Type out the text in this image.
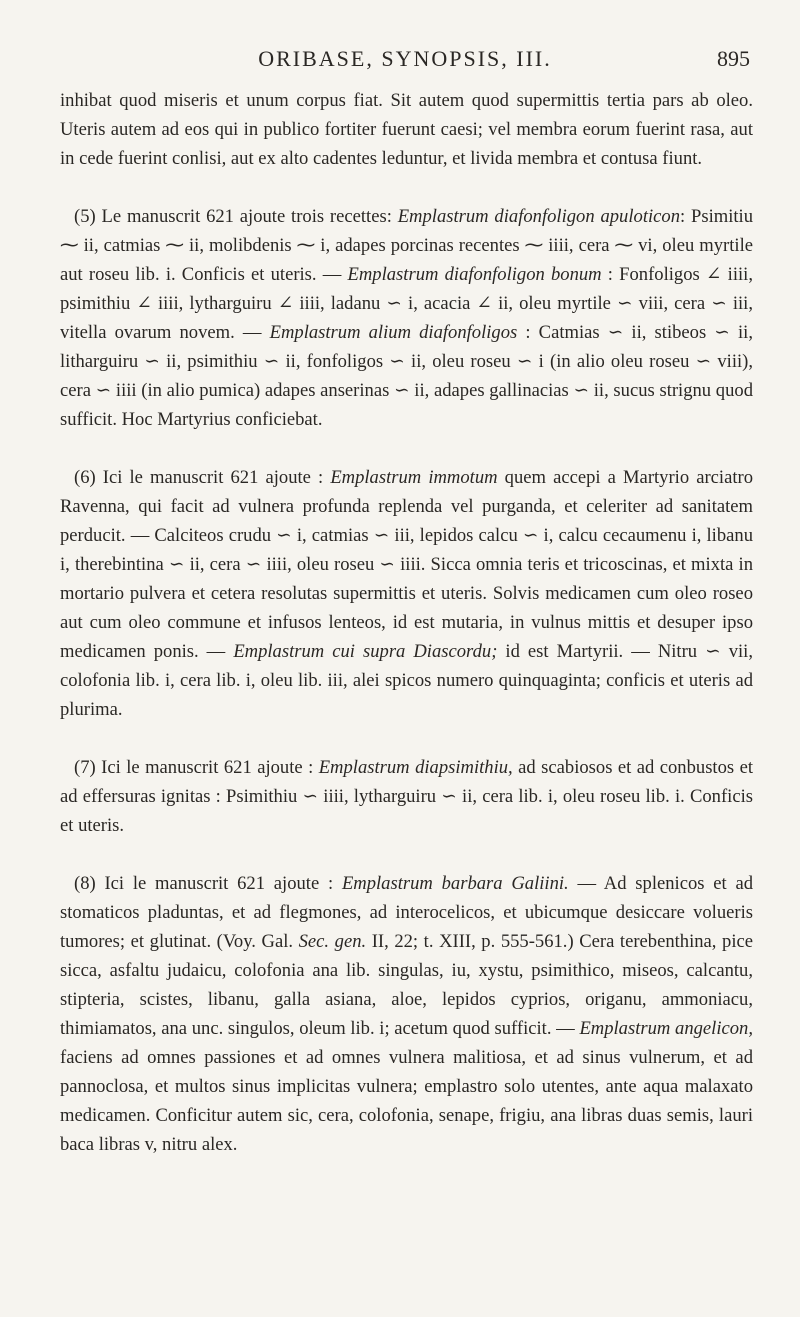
ORIBASE, SYNOPSIS, III.	895

inhibat quod miseris et unum corpus fiat. Sit autem quod supermittis tertia pars ab oleo. Uteris autem ad eos qui in publico fortiter fuerunt caesi; vel membra eorum fuerint rasa, aut in cede fuerint conlisi, aut ex alto cadentes leduntur, et livida membra et contusa fiunt.

(5) Le manuscrit 621 ajoute trois recettes: Emplastrum diafonfoligon apuloticon: Psimitiu ⁓ ii, catmias ⁓ ii, molibdenis ⁓ i, adapes porcinas recentes ⁓ iiii, cera ⁓ vi, oleu myrtile aut roseu lib. i. Conficis et uteris. — Emplastrum diafonfoligon bonum : Fonfoligos ∠ iiii, psimithiu ∠ iiii, lytharguiru ∠ iiii, ladanu ∽ i, acacia ∠ ii, oleu myrtile ∽ viii, cera ∽ iii, vitella ovarum novem. — Emplastrum alium diafonfoligos : Catmias ∽ ii, stibeos ∽ ii, litharguiru ∽ ii, psimithiu ∽ ii, fonfoligos ∽ ii, oleu roseu ∽ i (in alio oleu roseu ∽ viii), cera ∽ iiii (in alio pumica) adapes anserinas ∽ ii, adapes gallinacias ∽ ii, sucus strignu quod sufficit. Hoc Martyrius conficiebat.

(6) Ici le manuscrit 621 ajoute : Emplastrum immotum quem accepi a Martyrio arciatro Ravenna, qui facit ad vulnera profunda replenda vel purganda, et celeriter ad sanitatem perducit. — Calciteos crudu ∽ i, catmias ∽ iii, lepidos calcu ∽ i, calcu cecaumenu i, libanu i, therebintina ∽ ii, cera ∽ iiii, oleu roseu ∽ iiii. Sicca omnia teris et tricoscinas, et mixta in mortario pulvera et cetera resolutas supermittis et uteris. Solvis medicamen cum oleo roseo aut cum oleo commune et infusos lenteos, id est mutaria, in vulnus mittis et desuper ipso medicamen ponis. — Emplastrum cui supra Diascordu; id est Martyrii. — Nitru ∽ vii, colofonia lib. i, cera lib. i, oleu lib. iii, alei spicos numero quinquaginta; conficis et uteris ad plurima.

(7) Ici le manuscrit 621 ajoute : Emplastrum diapsimithiu, ad scabiosos et ad conbustos et ad effersuras ignitas : Psimithiu ∽ iiii, lytharguiru ∽ ii, cera lib. i, oleu roseu lib. i. Conficis et uteris.

(8) Ici le manuscrit 621 ajoute : Emplastrum barbara Galiini. — Ad splenicos et ad stomaticos pladuntas, et ad flegmones, ad interocelicos, et ubicumque desiccare volueris tumores; et glutinat. (Voy. Gal. Sec. gen. II, 22; t. XIII, p. 555-561.) Cera terebenthina, pice sicca, asfaltu judaicu, colofonia ana lib. singulas, iu, xystu, psimithico, miseos, calcantu, stipteria, scistes, libanu, galla asiana, aloe, lepidos cyprios, origanu, ammoniacu, thimiamatos, ana unc. singulos, oleum lib. i; acetum quod sufficit. — Emplastrum angelicon, faciens ad omnes passiones et ad omnes vulnera malitiosa, et ad sinus vulnerum, et ad pannoclosa, et multos sinus implicitas vulnera; emplastro solo utentes, ante aqua malaxato medicamen. Conficitur autem sic, cera, colofonia, senape, frigiu, ana libras duas semis, lauri baca libras v, nitru alex.
